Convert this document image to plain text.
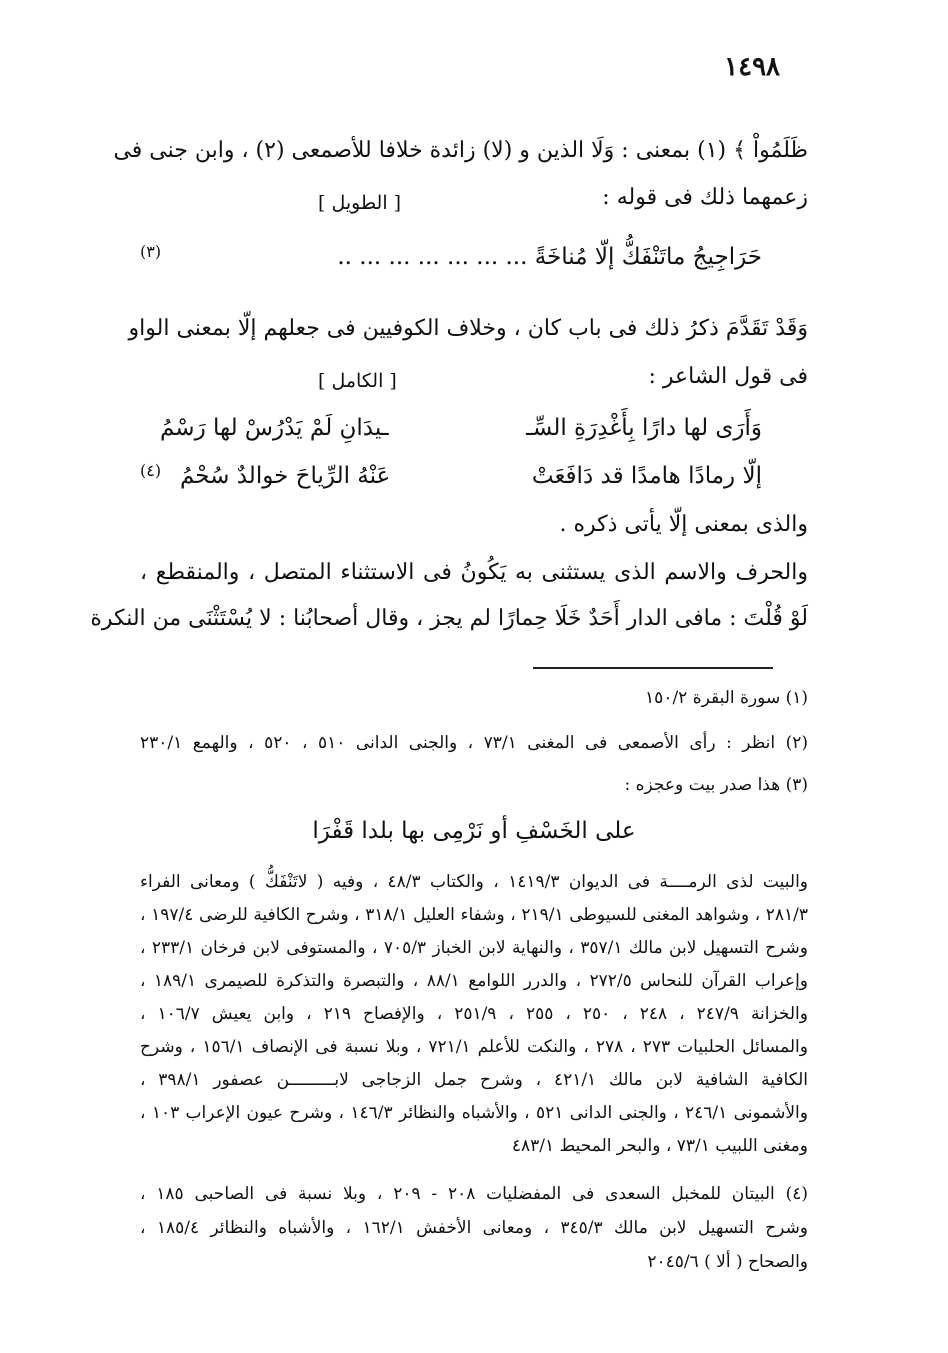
١٤٩٨
ظَلَمُواْ ﴾ (١) بمعنى : وَلَا الذين و (لا) زائدة خلافا للأصمعى (٢) ، وابن جنى فى
زعمهما ذلك فى قوله :
[ الطويل ]
حَرَاجِيجُ ماتَنْفَكُّ إلّا مُناخَةً ... ... ... ... ... ... ..
(٣)
وَقَدْ تَقَدَّمَ ذكرُ ذلك فى باب كان ، وخلاف الكوفيين فى جعلهم إلّا بمعنى الواو
فى قول الشاعر :
[ الكامل ]
وَأَرَى لها دارًا بِأَغْدِرَةِ السِّـ
ـيدَانِ لَمْ يَدْرُسْ لها رَسْمُ
إلّا رمادًا هامدًا قد دَافَعَتْ
عَنْهُ الرِّياحَ خوالدٌ سُحْمُ
(٤)
والذى بمعنى إلّا يأتى ذكره .
والحرف والاسم الذى يستثنى به يَكُونُ فى الاستثناء المتصل ، والمنقطع ،
لَوْ قُلْتَ : مافى الدار أَحَدٌ خَلَا حِمارًا لم يجز ، وقال أصحابُنا : لا يُسْتَثْنَى من النكرة
(١) سورة البقرة ١٥٠/٢
(٢) انظر : رأى الأصمعى فى المغنى ٧٣/١ ، والجنى الدانى ٥١٠ ، ٥٢٠ ، والهمع ٢٣٠/١
(٣) هذا صدر بيت وعجزه :
على الخَسْفِ أو نَرْمِى بها بلدا قَفْرَا
والبيت لذى الرمــــة فى الديوان ١٤١٩/٣ ، والكتاب ٤٨/٣ ، وفيه ( لاتَنْفَكُّ ) ومعانى الفراء
٢٨١/٣ ، وشواهد المغنى للسيوطى ٢١٩/١ ، وشفاء العليل ٣١٨/١ ، وشرح الكافية للرضى ١٩٧/٤ ،
وشرح التسهيل لابن مالك ٣٥٧/١ ، والنهاية لابن الخباز ٧٠٥/٣ ، والمستوفى لابن فرخان ٢٣٣/١ ،
وإعراب القرآن للنحاس ٢٧٢/٥ ، والدرر اللوامع ٨٨/١ ، والتبصرة والتذكرة للصيمرى ١٨٩/١ ،
والخزانة ٢٤٧/٩ ، ٢٤٨ ، ٢٥٠ ، ٢٥٥ ، ٢٥١/٩ ، والإفصاح ٢١٩ ، وابن يعيش ١٠٦/٧ ،
والمسائل الحلبيات ٢٧٣ ، ٢٧٨ ، والنكت للأعلم ٧٢١/١ ، وبلا نسبة فى الإنصاف ١٥٦/١ ، وشرح
الكافية الشافية لابن مالك ٤٢١/١ ، وشرح جمل الزجاجى لابـــــــــن عصفور ٣٩٨/١ ،
والأشمونى ٢٤٦/١ ، والجنى الدانى ٥٢١ ، والأشباه والنظائر ١٤٦/٣ ، وشرح عيون الإعراب ١٠٣ ،
ومغنى اللبيب ٧٣/١ ، والبحر المحيط ٤٨٣/١
(٤) البيتان للمخبل السعدى فى المفضليات ٢٠٨ - ٢٠٩ ، وبلا نسبة فى الصاحبى ١٨٥ ،
وشرح التسهيل لابن مالك ٣٤٥/٣ ، ومعانى الأخفش ١٦٢/١ ، والأشباه والنظائر ١٨٥/٤ ،
والصحاح ( ألا ) ٢٠٤٥/٦
